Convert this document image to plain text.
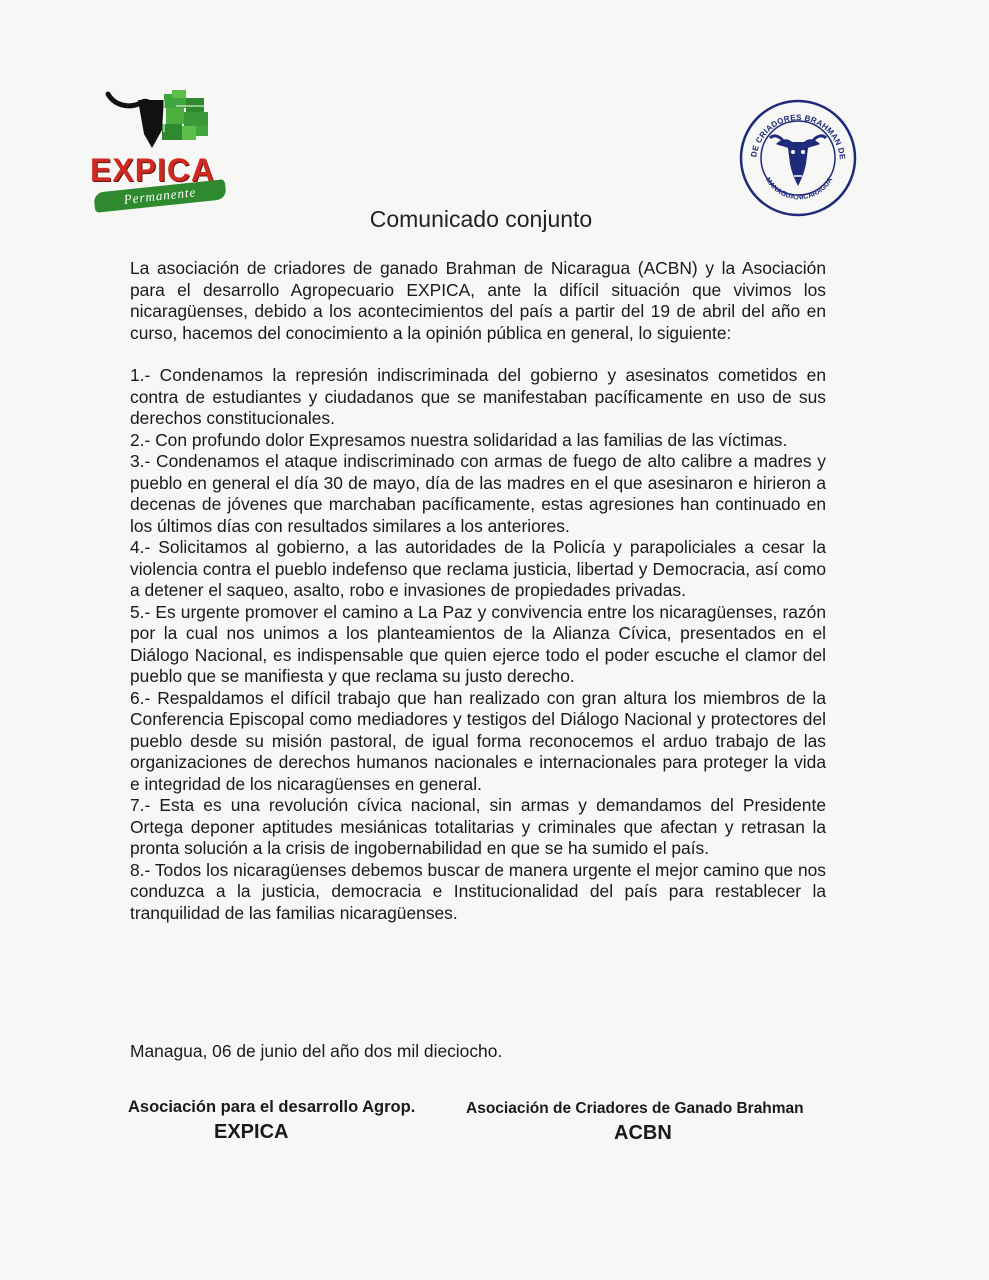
EXPICA
Permanente
DE CRIADORES BRAHMAN DE
MANAGUA,NICARAGUA
Comunicado conjunto

La asociación de criadores de ganado Brahman de Nicaragua (ACBN) y la Asociación para el desarrollo Agropecuario EXPICA, ante la difícil situación que vivimos los nicaragüenses, debido a los acontecimientos del país a partir del 19 de abril del año en curso, hacemos del conocimiento a la opinión pública en general, lo siguiente:

1.- Condenamos la represión indiscriminada del gobierno y asesinatos cometidos en contra de estudiantes y ciudadanos que se manifestaban pacíficamente en uso de sus derechos constitucionales.

2.- Con profundo dolor Expresamos nuestra solidaridad a las familias de las víctimas.

3.- Condenamos el ataque indiscriminado con armas de fuego de alto calibre a madres y pueblo en general el día 30 de mayo, día de las madres en el que asesinaron e hirieron a decenas de jóvenes que marchaban pacíficamente, estas agresiones han continuado en los últimos días con resultados similares a los anteriores.

4.- Solicitamos al gobierno, a las autoridades de la Policía y parapoliciales a cesar la violencia contra el pueblo indefenso que reclama justicia, libertad y Democracia, así como a detener el saqueo, asalto, robo e invasiones de propiedades privadas.

5.- Es urgente promover el camino a La Paz y convivencia entre los nicaragüenses, razón por la cual nos unimos a los planteamientos de la Alianza Cívica, presentados en el Diálogo Nacional, es indispensable que quien ejerce todo el poder escuche el clamor del pueblo que se manifiesta y que reclama su justo derecho.

6.- Respaldamos el difícil trabajo que han realizado con gran altura los miembros de la Conferencia Episcopal como mediadores y testigos del Diálogo Nacional y protectores del pueblo desde su misión pastoral, de igual forma reconocemos el arduo trabajo de las organizaciones de derechos humanos nacionales e internacionales para proteger la vida e integridad de los nicaragüenses en general.

7.- Esta es una revolución cívica nacional, sin armas y demandamos del Presidente Ortega deponer aptitudes mesiánicas totalitarias y criminales que afectan y retrasan la pronta solución a la crisis de ingobernabilidad en que se ha sumido el país.

8.- Todos los nicaragüenses debemos buscar de manera urgente el mejor camino que nos conduzca a la justicia, democracia e Institucionalidad del país para restablecer la tranquilidad de las familias nicaragüenses.

Managua, 06 de junio del año dos mil dieciocho.
Asociación para el desarrollo Agrop.
EXPICA
Asociación de Criadores de Ganado Brahman
ACBN
